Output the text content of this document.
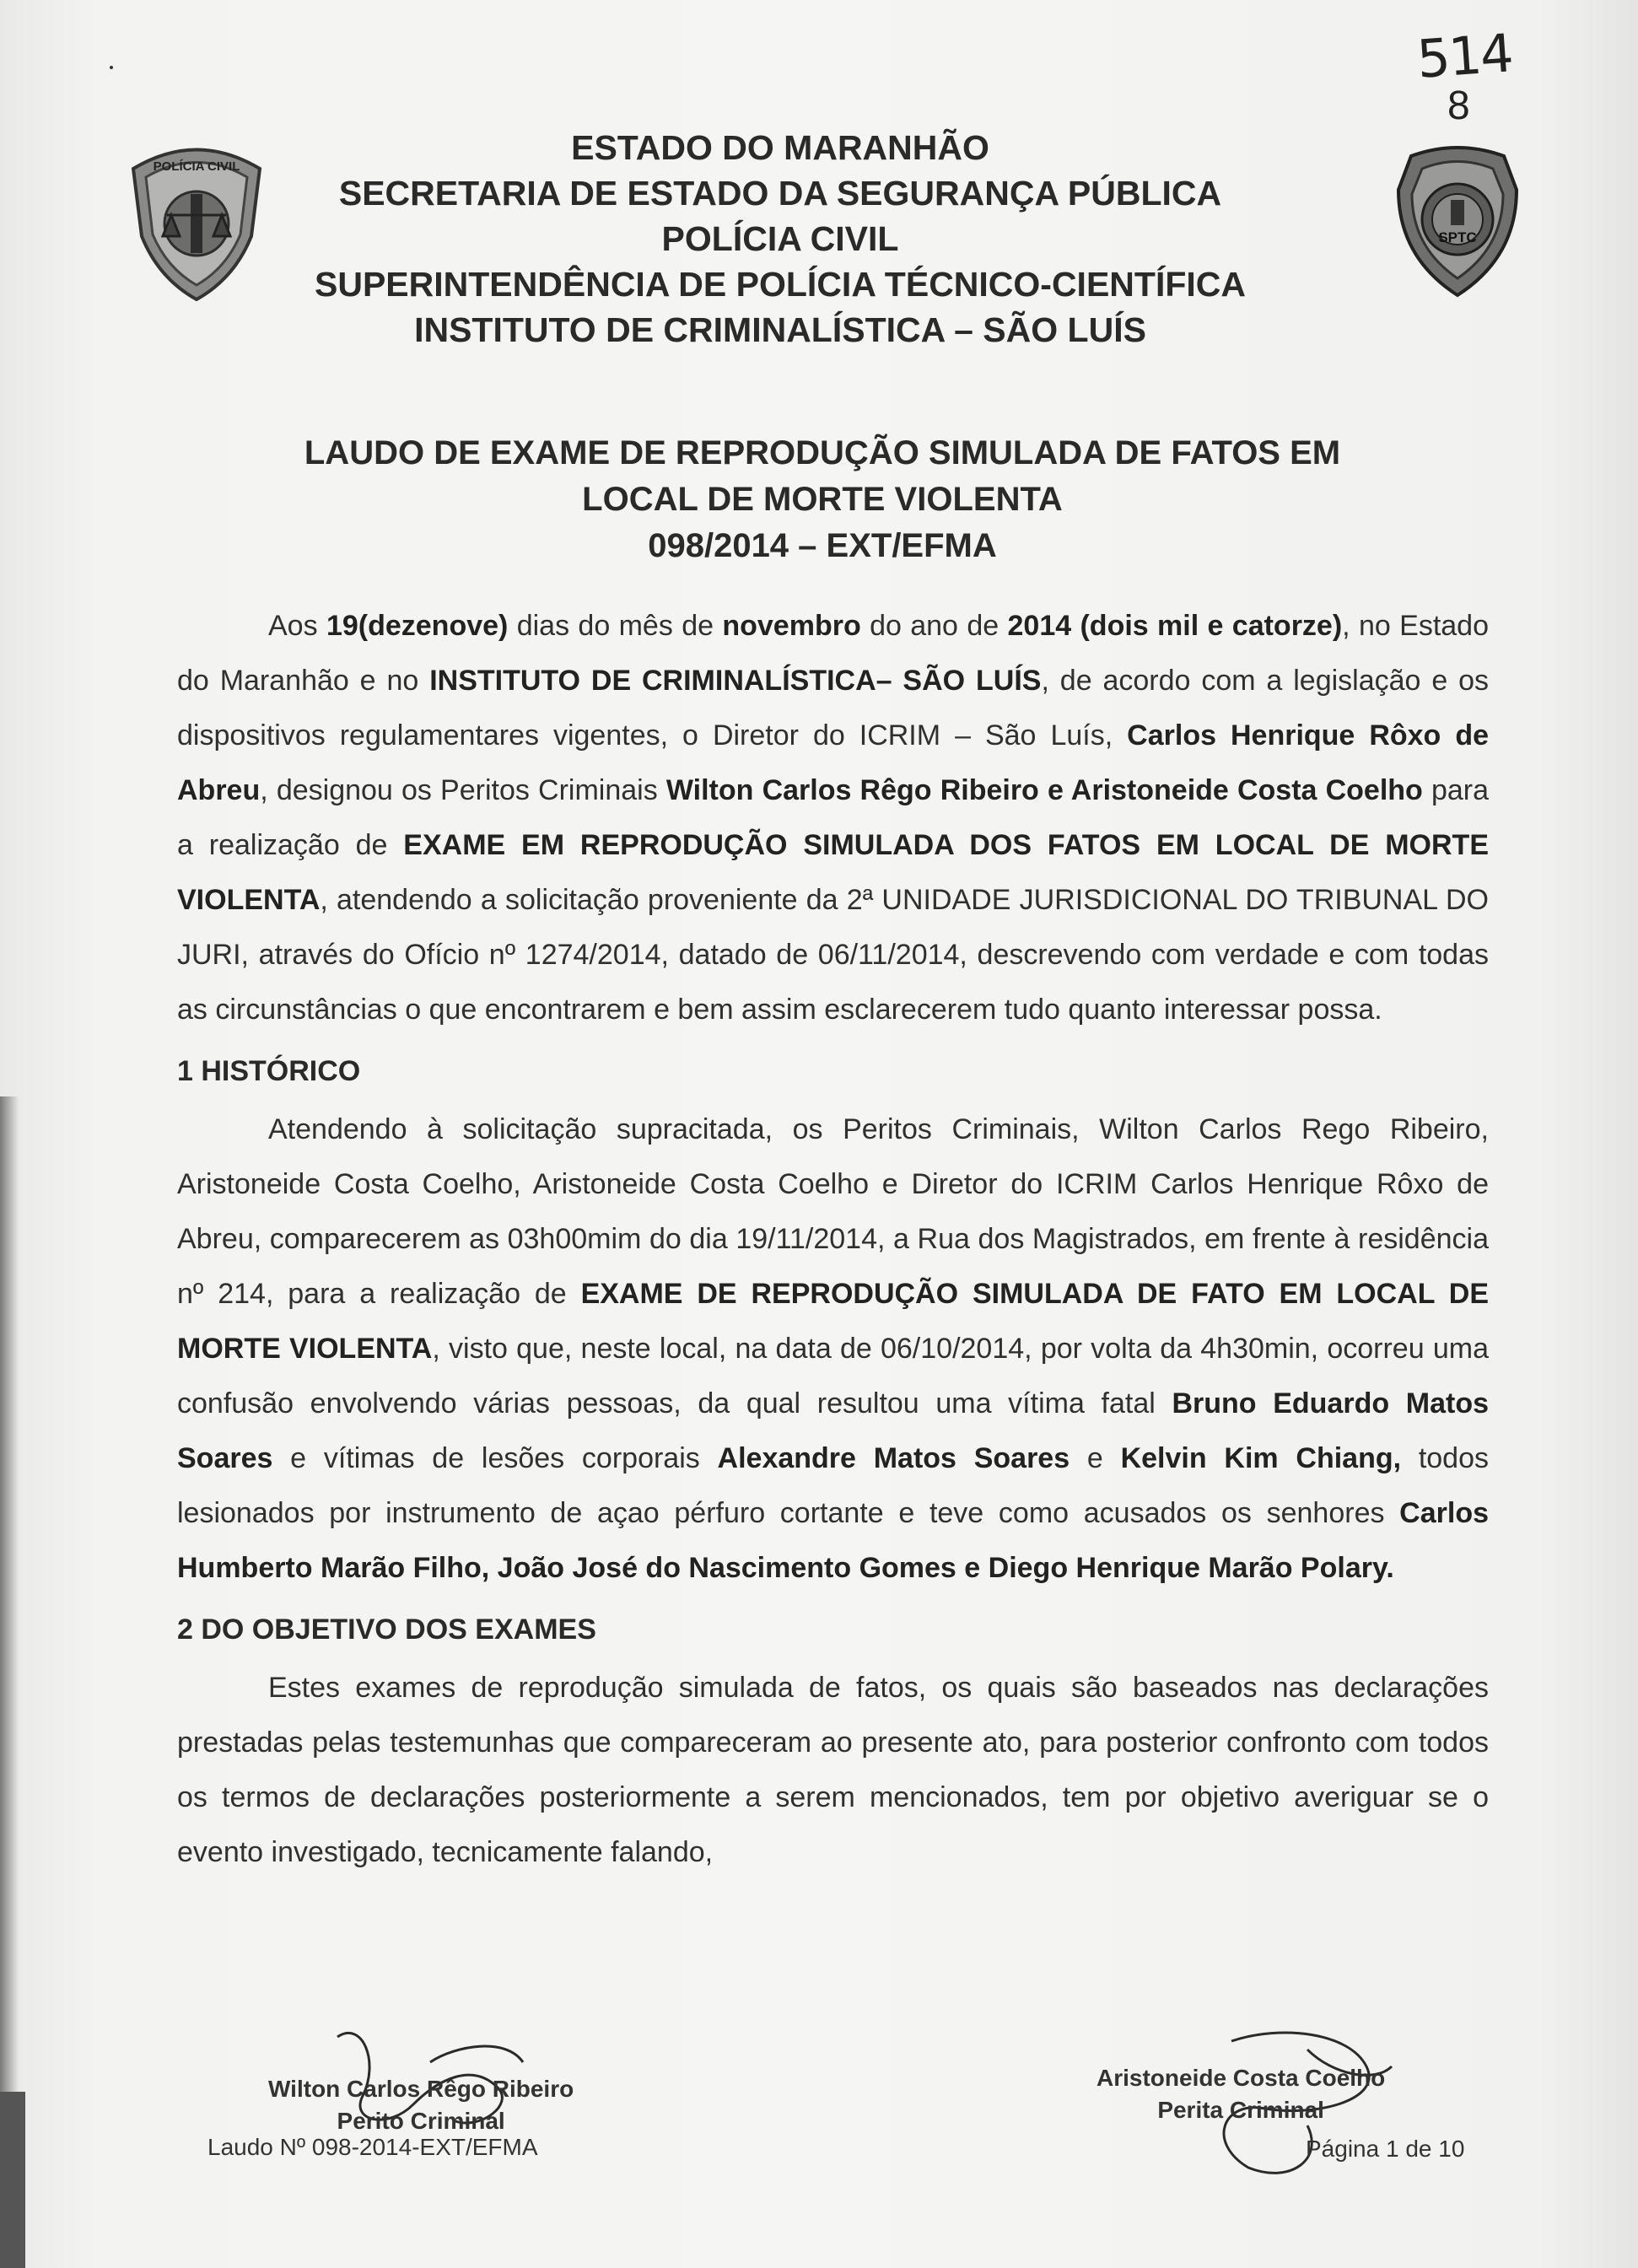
514
8
POLÍCIA CIVIL
SPTC
ESTADO DO MARANHÃO
SECRETARIA DE ESTADO DA SEGURANÇA PÚBLICA
POLÍCIA CIVIL
SUPERINTENDÊNCIA DE POLÍCIA TÉCNICO-CIENTÍFICA
INSTITUTO DE CRIMINALÍSTICA – SÃO LUÍS
LAUDO DE EXAME DE REPRODUÇÃO SIMULADA DE FATOS EM
LOCAL DE MORTE VIOLENTA
098/2014 – EXT/EFMA

Aos 19(dezenove) dias do mês de novembro do ano de 2014 (dois mil e catorze), no Estado do Maranhão e no INSTITUTO DE CRIMINALÍSTICA– SÃO LUÍS, de acordo com a legislação e os dispositivos regulamentares vigentes, o Diretor do ICRIM – São Luís, Carlos Henrique Rôxo de Abreu, designou os Peritos Criminais Wilton Carlos Rêgo Ribeiro e Aristoneide Costa Coelho para a realização de EXAME EM REPRODUÇÃO SIMULADA DOS FATOS EM LOCAL DE MORTE VIOLENTA, atendendo a solicitação proveniente da 2ª UNIDADE JURISDICIONAL DO TRIBUNAL DO JURI, através do Ofício nº 1274/2014, datado de 06/11/2014, descrevendo com verdade e com todas as circunstâncias o que encontrarem e bem assim esclarecerem tudo quanto interessar possa.

1 HISTÓRICO

Atendendo à solicitação supracitada, os Peritos Criminais, Wilton Carlos Rego Ribeiro, Aristoneide Costa Coelho, Aristoneide Costa Coelho e Diretor do ICRIM Carlos Henrique Rôxo de Abreu, comparecerem as 03h00mim do dia 19/11/2014, a Rua dos Magistrados, em frente à residência nº 214, para a realização de EXAME DE REPRODUÇÃO SIMULADA DE FATO EM LOCAL DE MORTE VIOLENTA, visto que, neste local, na data de 06/10/2014, por volta da 4h30min, ocorreu uma confusão envolvendo várias pessoas, da qual resultou uma vítima fatal Bruno Eduardo Matos Soares e vítimas de lesões corporais Alexandre Matos Soares e Kelvin Kim Chiang, todos lesionados por instrumento de açao pérfuro cortante e teve como acusados os senhores Carlos Humberto Marão Filho, João José do Nascimento Gomes e Diego Henrique Marão Polary.

2 DO OBJETIVO DOS EXAMES

Estes exames de reprodução simulada de fatos, os quais são baseados nas declarações prestadas pelas testemunhas que compareceram ao presente ato, para posterior confronto com todos os termos de declarações posteriormente a serem mencionados, tem por objetivo averiguar se o evento investigado, tecnicamente falando,

Wilton Carlos Rêgo Ribeiro
Perito Criminal
Aristoneide Costa Coelho
Perita Criminal
Laudo Nº 098-2014-EXT/EFMA	Página 1 de 10
